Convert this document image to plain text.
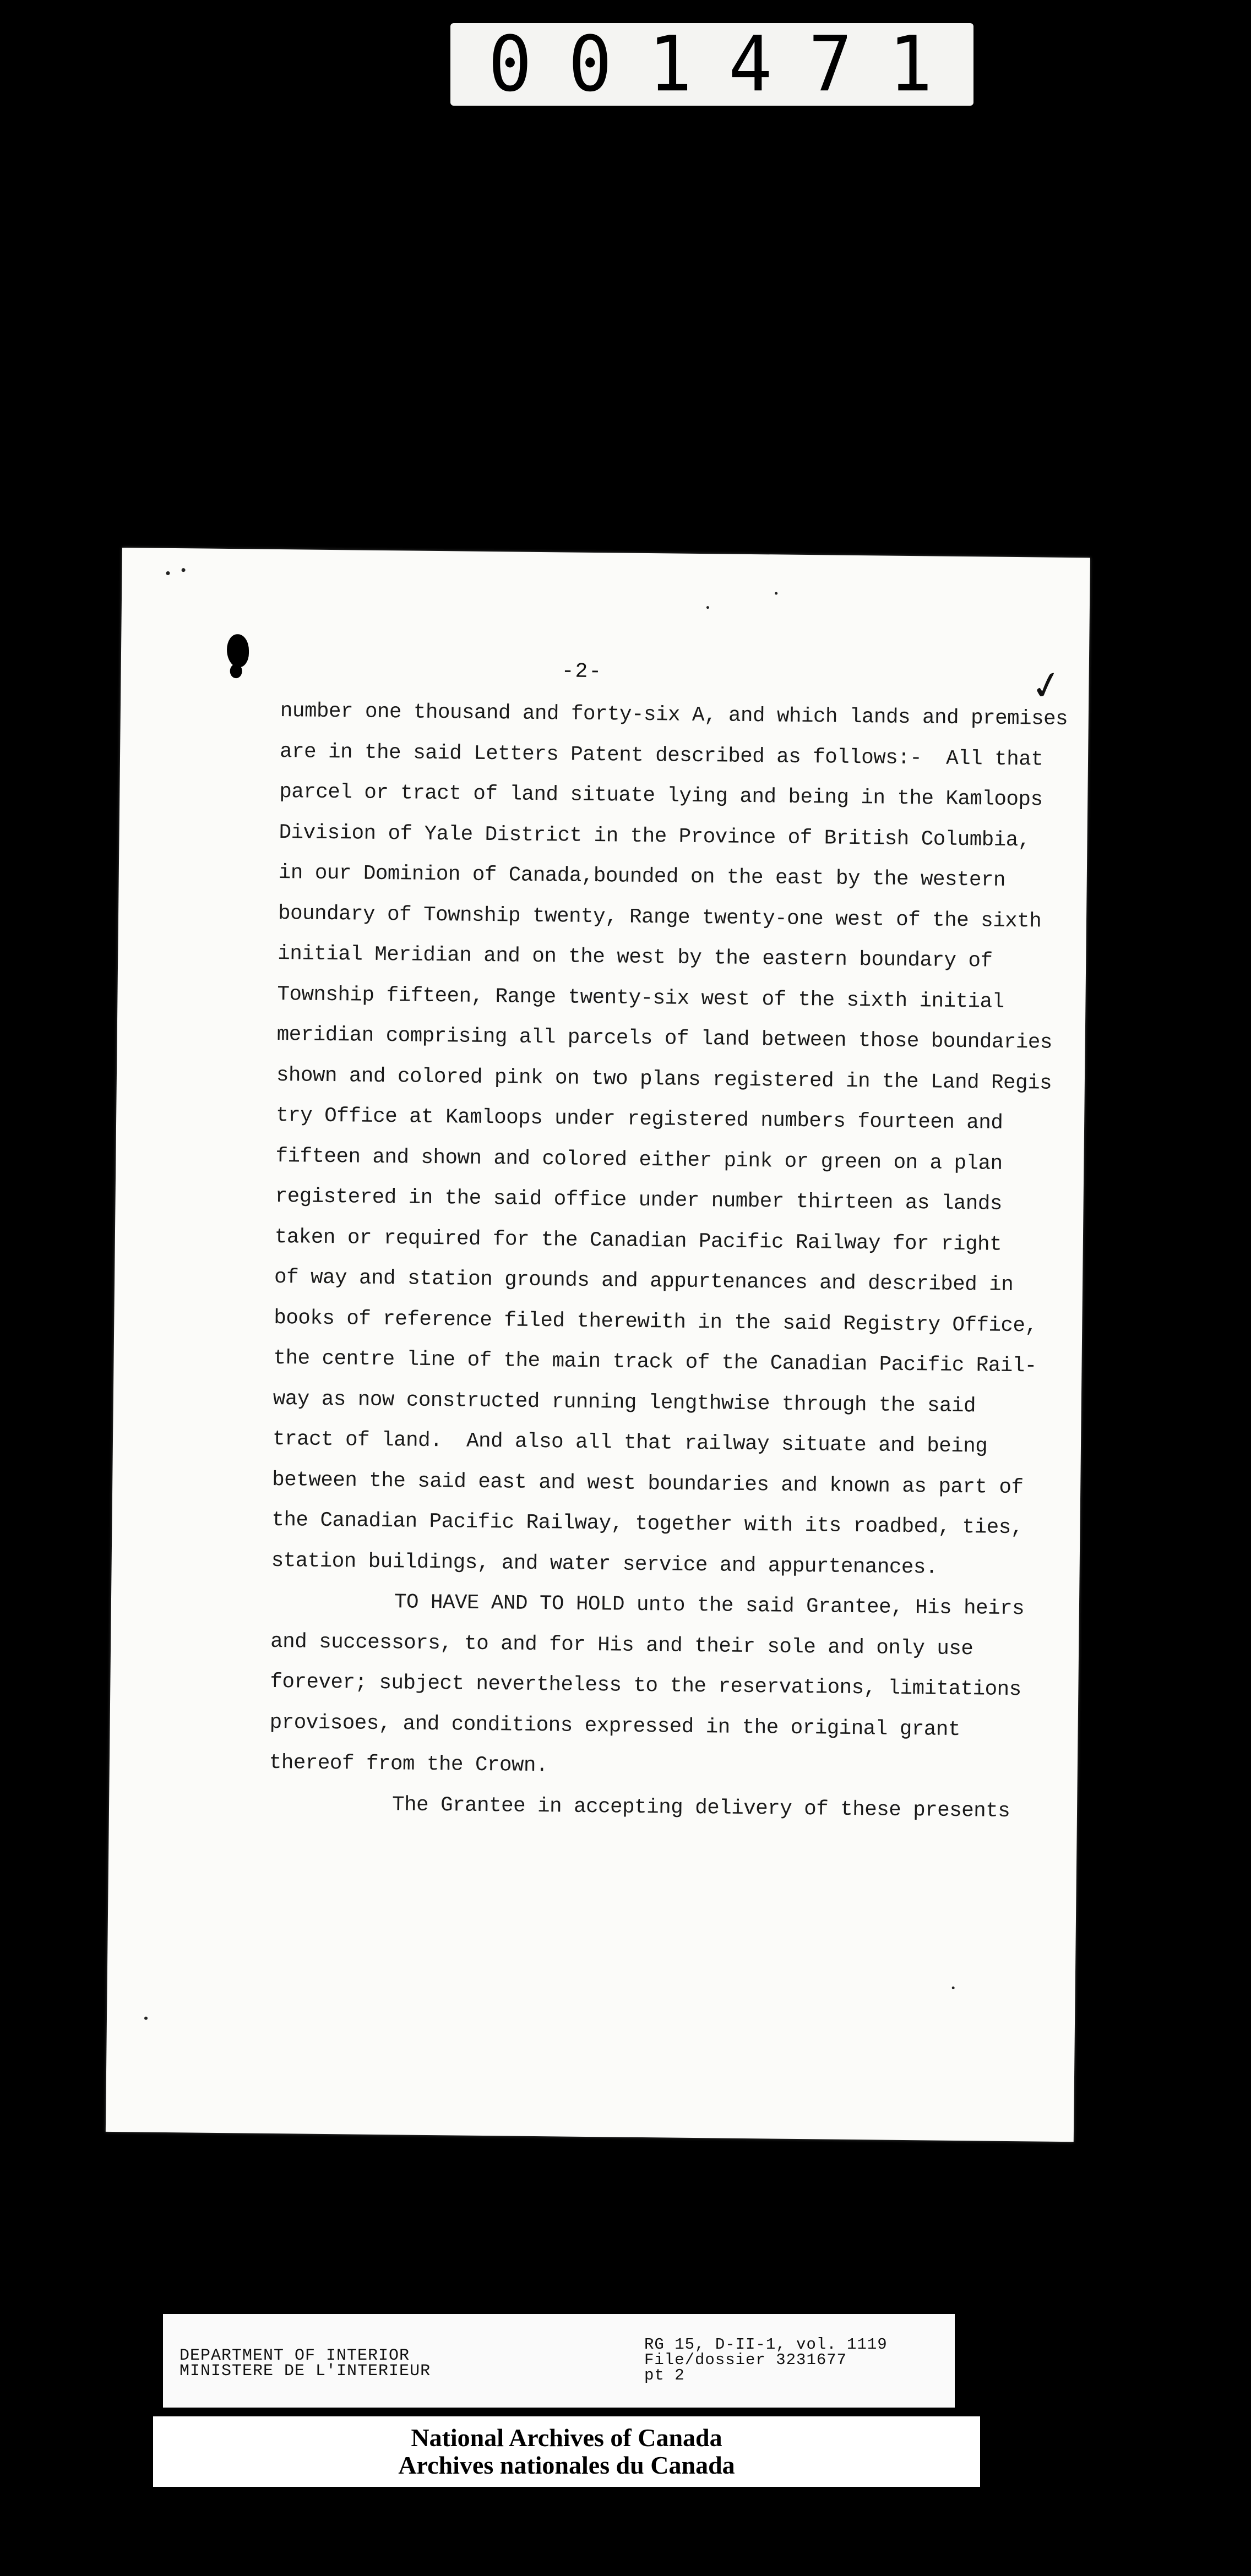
001471
✓
-2-
number one thousand and forty-six A, and which lands and premises
are in the said Letters Patent described as follows:-  All that
parcel or tract of land situate lying and being in the Kamloops
Division of Yale District in the Province of British Columbia,
in our Dominion of Canada,bounded on the east by the western
boundary of Township twenty, Range twenty-one west of the sixth
initial Meridian and on the west by the eastern boundary of
Township fifteen, Range twenty-six west of the sixth initial
meridian comprising all parcels of land between those boundaries
shown and colored pink on two plans registered in the Land Regis
try Office at Kamloops under registered numbers fourteen and
fifteen and shown and colored either pink or green on a plan
registered in the said office under number thirteen as lands
taken or required for the Canadian Pacific Railway for right
of way and station grounds and appurtenances and described in
books of reference filed therewith in the said Registry Office,
the centre line of the main track of the Canadian Pacific Rail-
way as now constructed running lengthwise through the said
tract of land.  And also all that railway situate and being
between the said east and west boundaries and known as part of
the Canadian Pacific Railway, together with its roadbed, ties,
station buildings, and water service and appurtenances.
TO HAVE AND TO HOLD unto the said Grantee, His heirs
and successors, to and for His and their sole and only use
forever; subject nevertheless to the reservations, limitations
provisoes, and conditions expressed in the original grant
thereof from the Crown.
The Grantee in accepting delivery of these presents
DEPARTMENT OF INTERIOR
MINISTERE DE L'INTERIEUR
RG 15, D-II-1, vol. 1119
File/dossier 3231677
pt 2
National Archives of Canada
Archives nationales du Canada
